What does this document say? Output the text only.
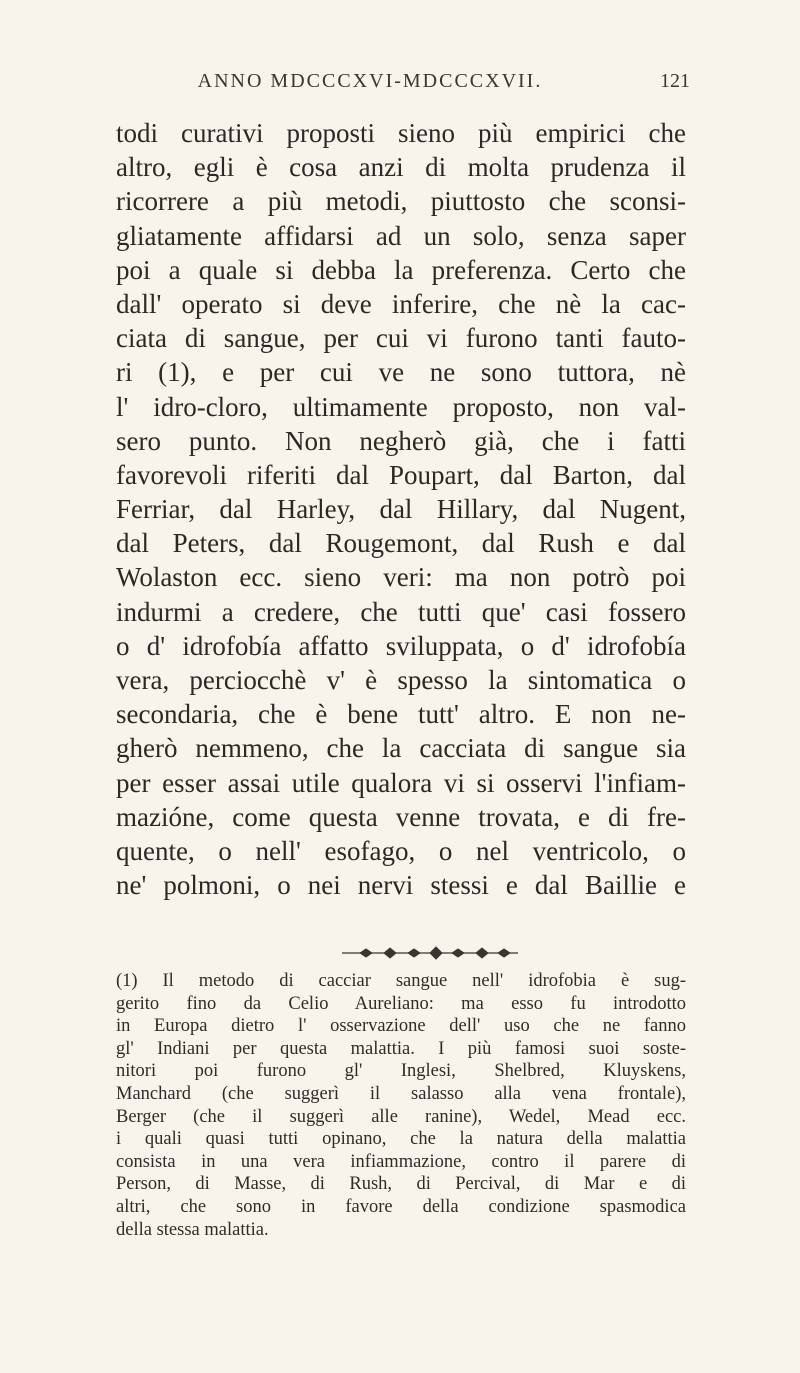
ANNO MDCCCXVI-MDCCCXVII.	121
todi curativi proposti sieno più empirici che
altro, egli è cosa anzi di molta prudenza il
ricorrere a più metodi, piuttosto che sconsi-
gliatamente affidarsi ad un solo, senza saper
poi a quale si debba la preferenza. Certo che
dall' operato si deve inferire, che nè la cac-
ciata di sangue, per cui vi furono tanti fauto-
ri (1), e per cui ve ne sono tuttora, nè
l' idro-cloro, ultimamente proposto, non val-
sero punto. Non negherò già, che i fatti
favorevoli riferiti dal Poupart, dal Barton, dal
Ferriar, dal Harley, dal Hillary, dal Nugent,
dal Peters, dal Rougemont, dal Rush e dal
Wolaston ecc. sieno veri: ma non potrò poi
indurmi a credere, che tutti que' casi fossero
o d' idrofobía affatto sviluppata, o d' idrofobía
vera, perciocchè v' è spesso la sintomatica o
secondaria, che è bene tutt' altro. E non ne-
gherò nemmeno, che la cacciata di sangue sia
per esser assai utile qualora vi si osservi l'infiam-
mazióne, come questa venne trovata, e di fre-
quente, o nell' esofago, o nel ventricolo, o
ne' polmoni, o nei nervi stessi e dal Baillie e
(1) Il metodo di cacciar sangue nell' idrofobia è sug-
gerito fino da Celio Aureliano: ma esso fu introdotto
in Europa dietro l' osservazione dell' uso che ne fanno
gl' Indiani per questa malattia. I più famosi suoi soste-
nitori poi furono gl' Inglesi, Shelbred, Kluyskens,
Manchard (che suggerì il salasso alla vena frontale),
Berger (che il suggerì alle ranine), Wedel, Mead ecc.
i quali quasi tutti opinano, che la natura della malattia
consista in una vera infiammazione, contro il parere di
Person, di Masse, di Rush, di Percival, di Mar e di
altri, che sono in favore della condizione spasmodica
della stessa malattia.
